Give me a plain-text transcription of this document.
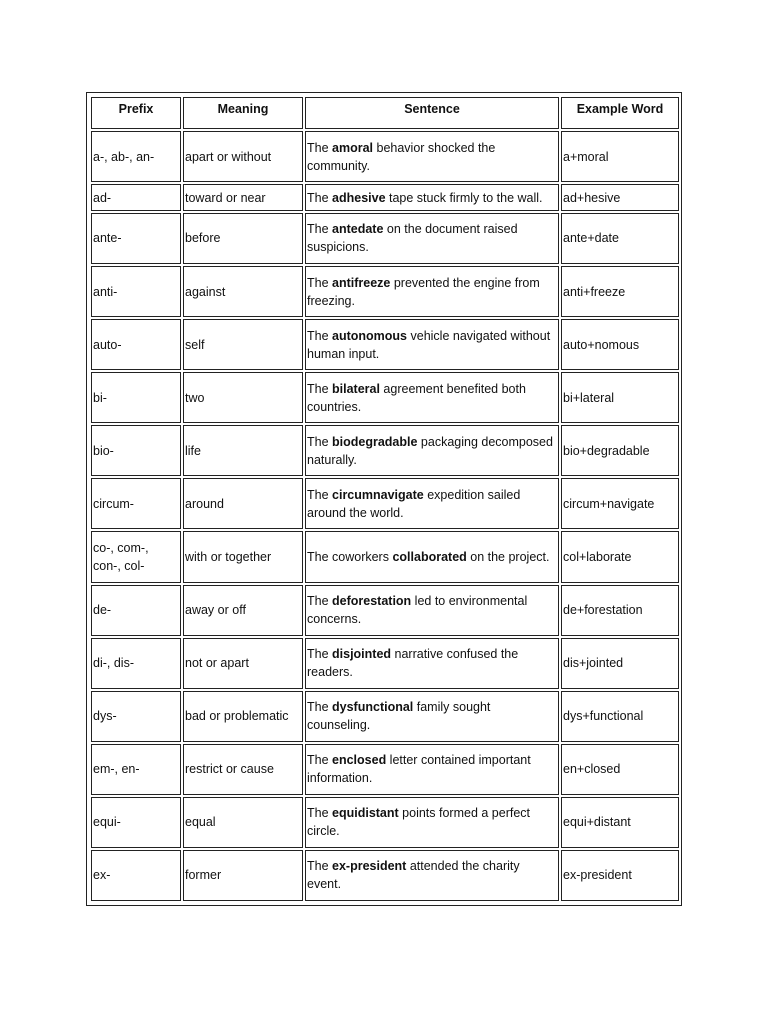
Prefix	Meaning	Sentence	Example Word
a-, ab-, an-	apart or without	The amoral behavior shocked the community.	a+moral
ad-	toward or near	The adhesive tape stuck firmly to the wall.	ad+hesive
ante-	before	The antedate on the document raised suspicions.	ante+date
anti-	against	The antifreeze prevented the engine from freezing.	anti+freeze
auto-	self	The autonomous vehicle navigated without human input.	auto+nomous
bi-	two	The bilateral agreement benefited both countries.	bi+lateral
bio-	life	The biodegradable packaging decomposed naturally.	bio+degradable
circum-	around	The circumnavigate expedition sailed around the world.	circum+navigate
co-, com-, con-, col-	with or together	The coworkers collaborated on the project.	col+laborate
de-	away or off	The deforestation led to environmental concerns.	de+forestation
di-, dis-	not or apart	The disjointed narrative confused the readers.	dis+jointed
dys-	bad or problematic	The dysfunctional family sought counseling.	dys+functional
em-, en-	restrict or cause	The enclosed letter contained important information.	en+closed
equi-	equal	The equidistant points formed a perfect circle.	equi+distant
ex-	former	The ex-president attended the charity event.	ex-president
